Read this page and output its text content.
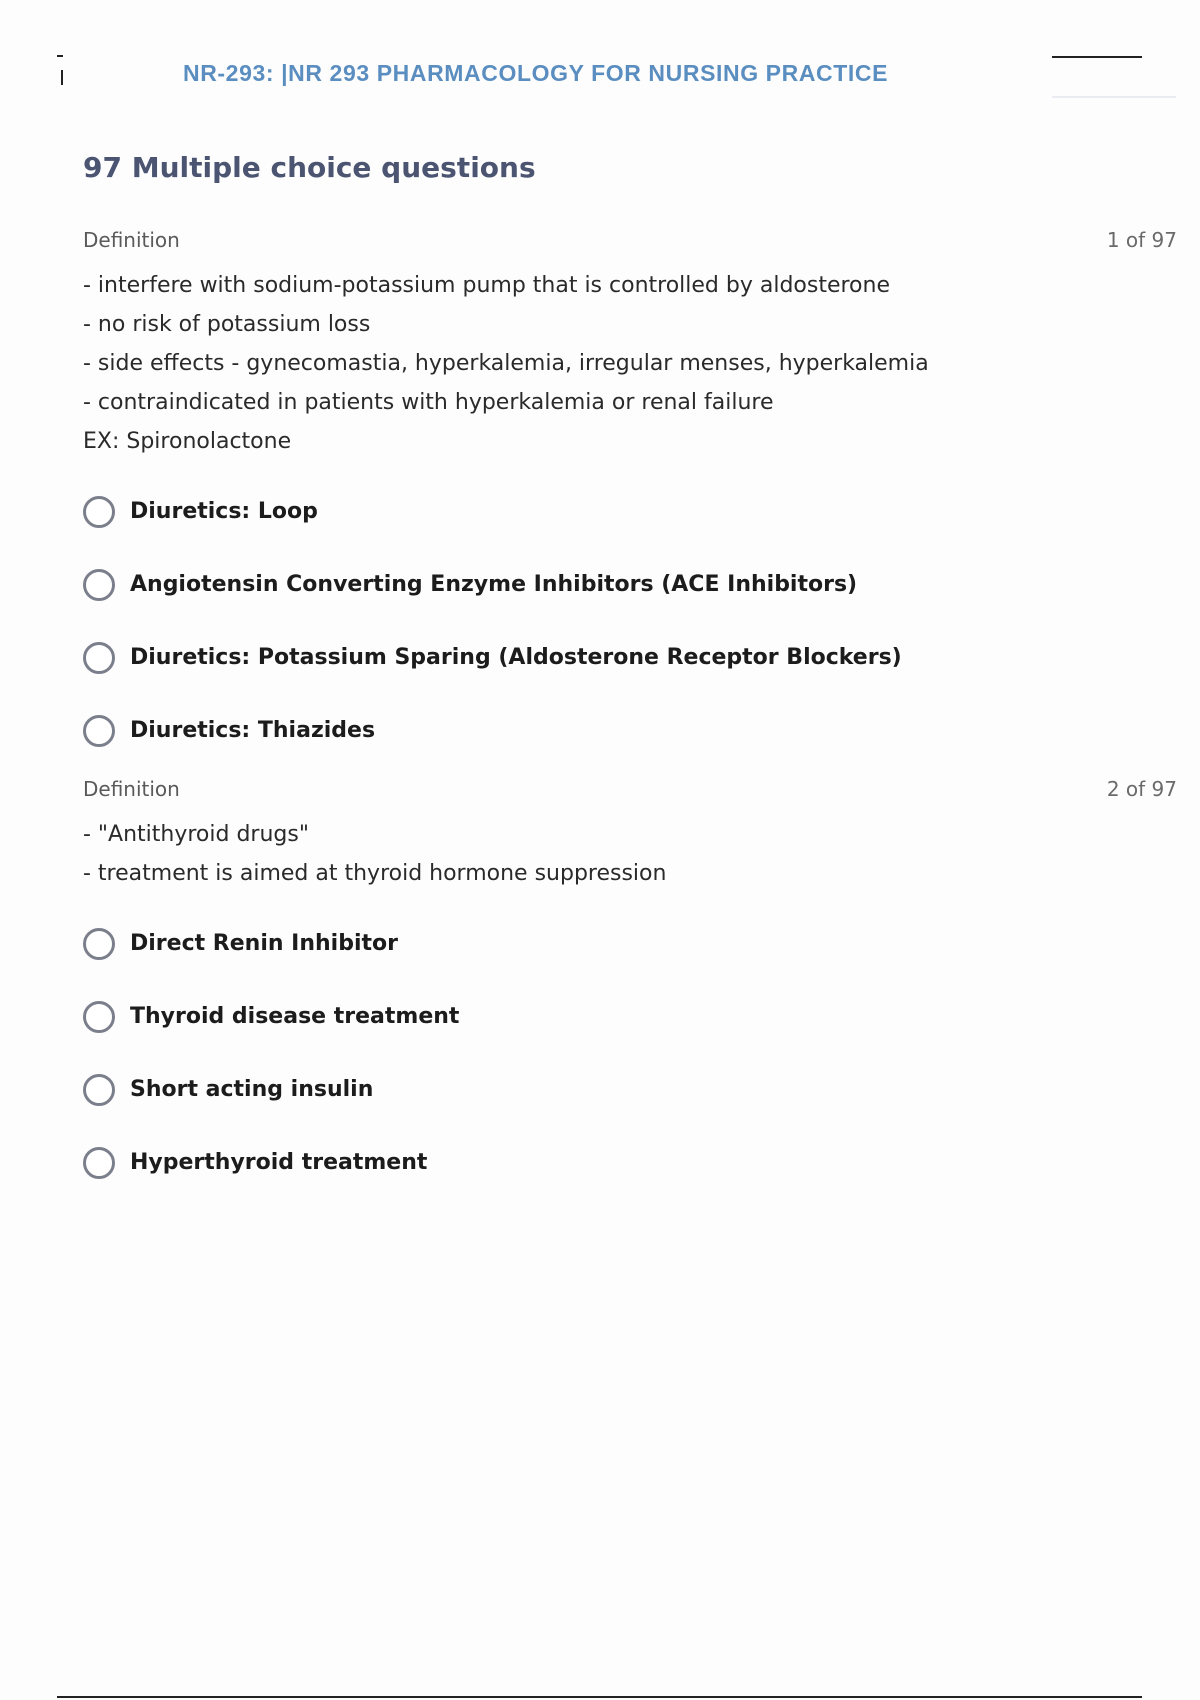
NR-293: |NR 293 PHARMACOLOGY FOR NURSING PRACTICE
97 Multiple choice questions
Definition	1 of 97
- interfere with sodium-potassium pump that is controlled by aldosterone
- no risk of potassium loss
- side effects - gynecomastia, hyperkalemia, irregular menses, hyperkalemia
- contraindicated in patients with hyperkalemia or renal failure
EX: Spironolactone
Diuretics: Loop
Angiotensin Converting Enzyme Inhibitors (ACE Inhibitors)
Diuretics: Potassium Sparing (Aldosterone Receptor Blockers)
Diuretics: Thiazides
Definition	2 of 97
- "Antithyroid drugs"
- treatment is aimed at thyroid hormone suppression
Direct Renin Inhibitor
Thyroid disease treatment
Short acting insulin
Hyperthyroid treatment
